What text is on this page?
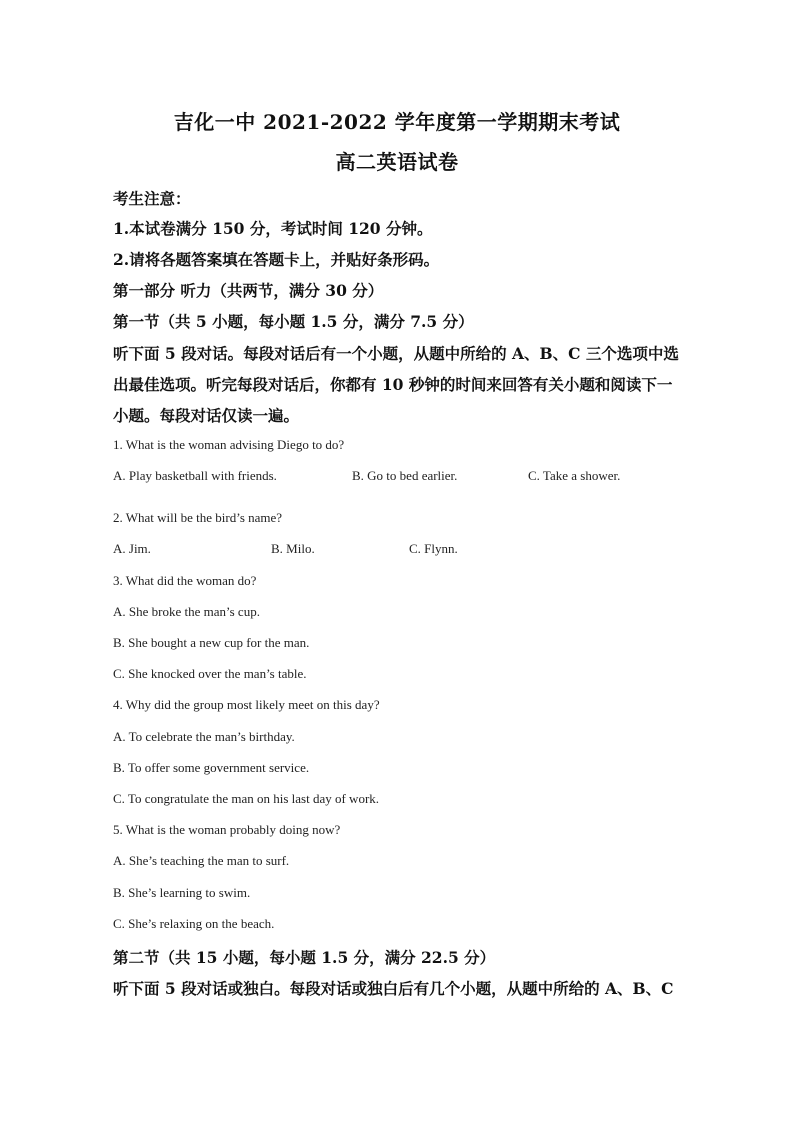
吉化一中 2021-2022 学年度第一学期期末考试
高二英语试卷
考生注意：
1.本试卷满分 150 分，考试时间 120 分钟。
2.请将各题答案填在答题卡上，并贴好条形码。
第一部分 听力（共两节，满分 30 分）
第一节（共 5 小题，每小题 1.5 分，满分 7.5 分）
听下面 5 段对话。每段对话后有一个小题，从题中所给的 A、B、C 三个选项中选
出最佳选项。听完每段对话后，你都有 10 秒钟的时间来回答有关小题和阅读下一
小题。每段对话仅读一遍。
1. What is the woman advising Diego to do?
A. Play basketball with friends.	B. Go to bed earlier.	C. Take a shower.
2. What will be the bird’s name?
A. Jim.	B. Milo.	C. Flynn.
3. What did the woman do?
A. She broke the man’s cup.
B. She bought a new cup for the man.
C. She knocked over the man’s table.
4. Why did the group most likely meet on this day?
A. To celebrate the man’s birthday.
B. To offer some government service.
C. To congratulate the man on his last day of work.
5. What is the woman probably doing now?
A. She’s teaching the man to surf.
B. She’s learning to swim.
C. She’s relaxing on the beach.
第二节（共 15 小题，每小题 1.5 分，满分 22.5 分）
听下面 5 段对话或独白。每段对话或独白后有几个小题，从题中所给的 A、B、C
